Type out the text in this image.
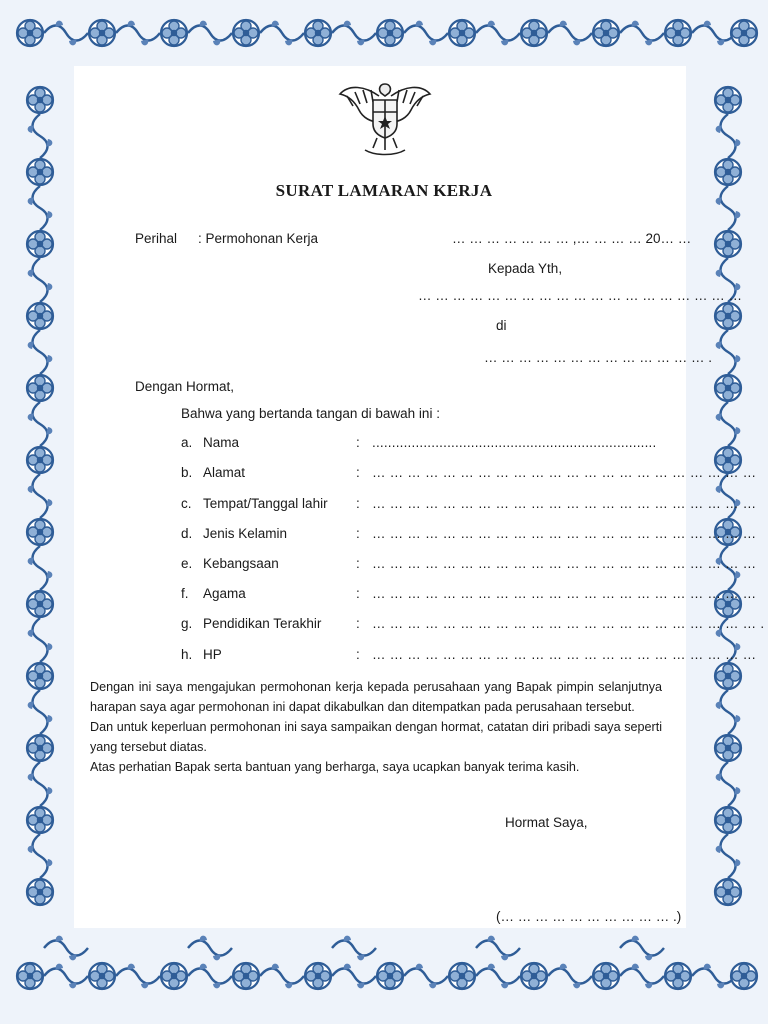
SURAT LAMARAN KERJA
Perihal : Permohonan Kerja	… … … … … … … ,… … … … 20… …
Kepada Yth,
… … … … … … … … … … … … … … … … … … …
di
… … … … … … … … … … … … … .
Dengan Hormat,
Bahwa yang bertanda tangan di bawah ini :
a. Nama	: ........................................................................
b. Alamat	: … … … … … … … … … … … … … … … … … … … … … …
c. Tempat/Tanggal lahir : … … … … … … … … … … … … … … … … … … … … … …
d. Jenis Kelamin	: … … … … … … … … … … … … … … … … … … … … … …
e. Kebangsaan	: … … … … … … … … … … … … … … … … … … … … … …
f. Agama	: … … … … … … … … … … … … … … … … … … … … … …
g. Pendidikan Terakhir	: … … … … … … … … … … … … … … … … … … … … … … .
h. HP	: … … … … … … … … … … … … … … … … … … … … … …

Dengan ini saya mengajukan permohonan kerja kepada perusahaan yang Bapak pimpin selanjutnya harapan saya agar permohonan ini dapat dikabulkan dan ditempatkan pada perusahaan tersebut.

Dan untuk keperluan permohonan ini saya sampaikan dengan hormat, catatan diri pribadi saya seperti yang tersebut diatas.

Atas perhatian Bapak serta bantuan yang berharga, saya ucapkan banyak terima kasih.

Hormat Saya,
(… … … … … … … … … … .)
